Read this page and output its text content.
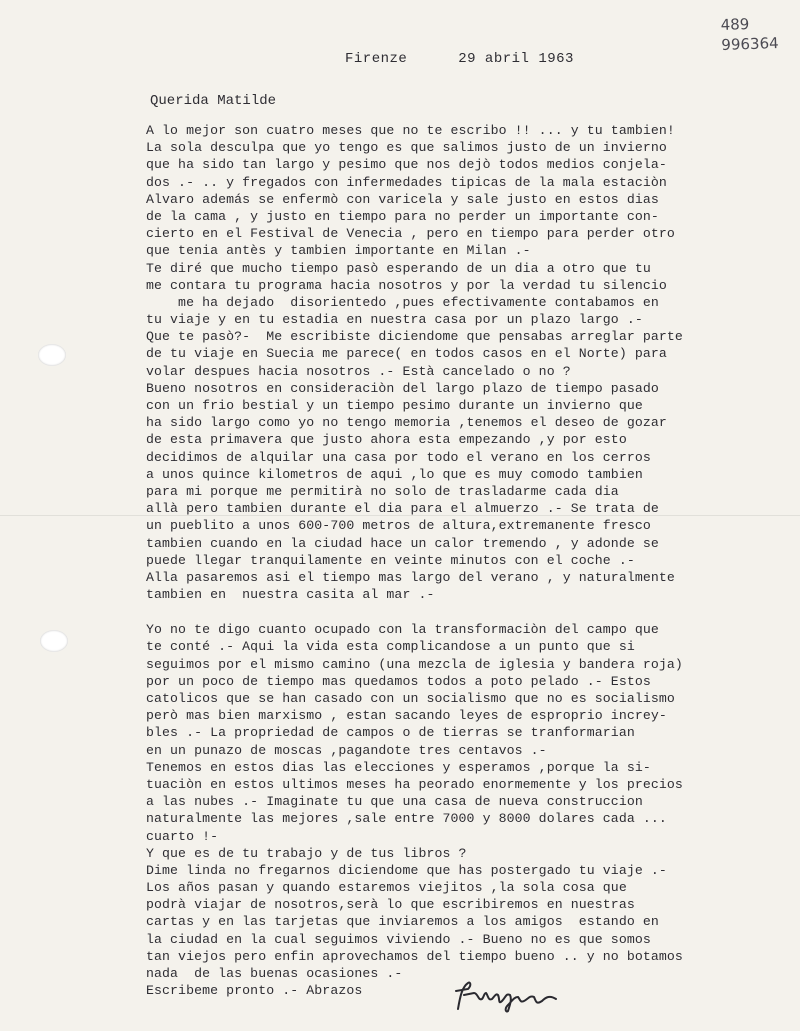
489
996364
Firenze	29 abril 1963
Querida Matilde
A lo mejor son cuatro meses que no te escribo !! ... y tu tambien!
La sola desculpa que yo tengo es que salimos justo de un invierno
que ha sido tan largo y pesimo que nos dejò todos medios conjela-
dos .- .. y fregados con infermedades tipicas de la mala estaciòn
Alvaro además se enfermò con varicela y sale justo en estos dias
de la cama , y justo en tiempo para no perder un importante con-
cierto en el Festival de Venecia , pero en tiempo para perder otro
que tenia antès y tambien importante en Milan .-
Te diré que mucho tiempo pasò esperando de un dia a otro que tu
me contara tu programa hacia nosotros y por la verdad tu silencio
me ha dejado  disorientedo ,pues efectivamente contabamos en
tu viaje y en tu estadia en nuestra casa por un plazo largo .-
Que te pasò?-  Me escribiste diciendome que pensabas arreglar parte
de tu viaje en Suecia me parece( en todos casos en el Norte) para
volar despues hacia nosotros .- Està cancelado o no ?
Bueno nosotros en consideraciòn del largo plazo de tiempo pasado
con un frio bestial y un tiempo pesimo durante un invierno que
ha sido largo como yo no tengo memoria ,tenemos el deseo de gozar
de esta primavera que justo ahora esta empezando ,y por esto
decidimos de alquilar una casa por todo el verano en los cerros
a unos quince kilometros de aqui ,lo que es muy comodo tambien
para mi porque me permitirà no solo de trasladarme cada dia
allà pero tambien durante el dia para el almuerzo .- Se trata de
un pueblito a unos 600-700 metros de altura,extremanente fresco
tambien cuando en la ciudad hace un calor tremendo , y adonde se
puede llegar tranquilamente en veinte minutos con el coche .-
Alla pasaremos asi el tiempo mas largo del verano , y naturalmente
tambien en  nuestra casita al mar .-
Yo no te digo cuanto ocupado con la transformaciòn del campo que
te conté .- Aqui la vida esta complicandose a un punto que si
seguimos por el mismo camino (una mezcla de iglesia y bandera roja)
por un poco de tiempo mas quedamos todos a poto pelado .- Estos
catolicos que se han casado con un socialismo que no es socialismo
però mas bien marxismo , estan sacando leyes de esproprio increy-
bles .- La propriedad de campos o de tierras se tranformarian
en un punazo de moscas ,pagandote tres centavos .-
Tenemos en estos dias las elecciones y esperamos ,porque la si-
tuaciòn en estos ultimos meses ha peorado enormemente y los precios
a las nubes .- Imaginate tu que una casa de nueva construccion
naturalmente las mejores ,sale entre 7000 y 8000 dolares cada ...
cuarto !-
Y que es de tu trabajo y de tus libros ?
Dime linda no fregarnos diciendome que has postergado tu viaje .-
Los años pasan y quando estaremos viejitos ,la sola cosa que
podrà viajar de nosotros,serà lo que escribiremos en nuestras
cartas y en las tarjetas que inviaremos a los amigos  estando en
la ciudad en la cual seguimos viviendo .- Bueno no es que somos
tan viejos pero enfin aprovechamos del tiempo bueno .. y no botamos
nada  de las buenas ocasiones .-
Escribeme pronto .- Abrazos
